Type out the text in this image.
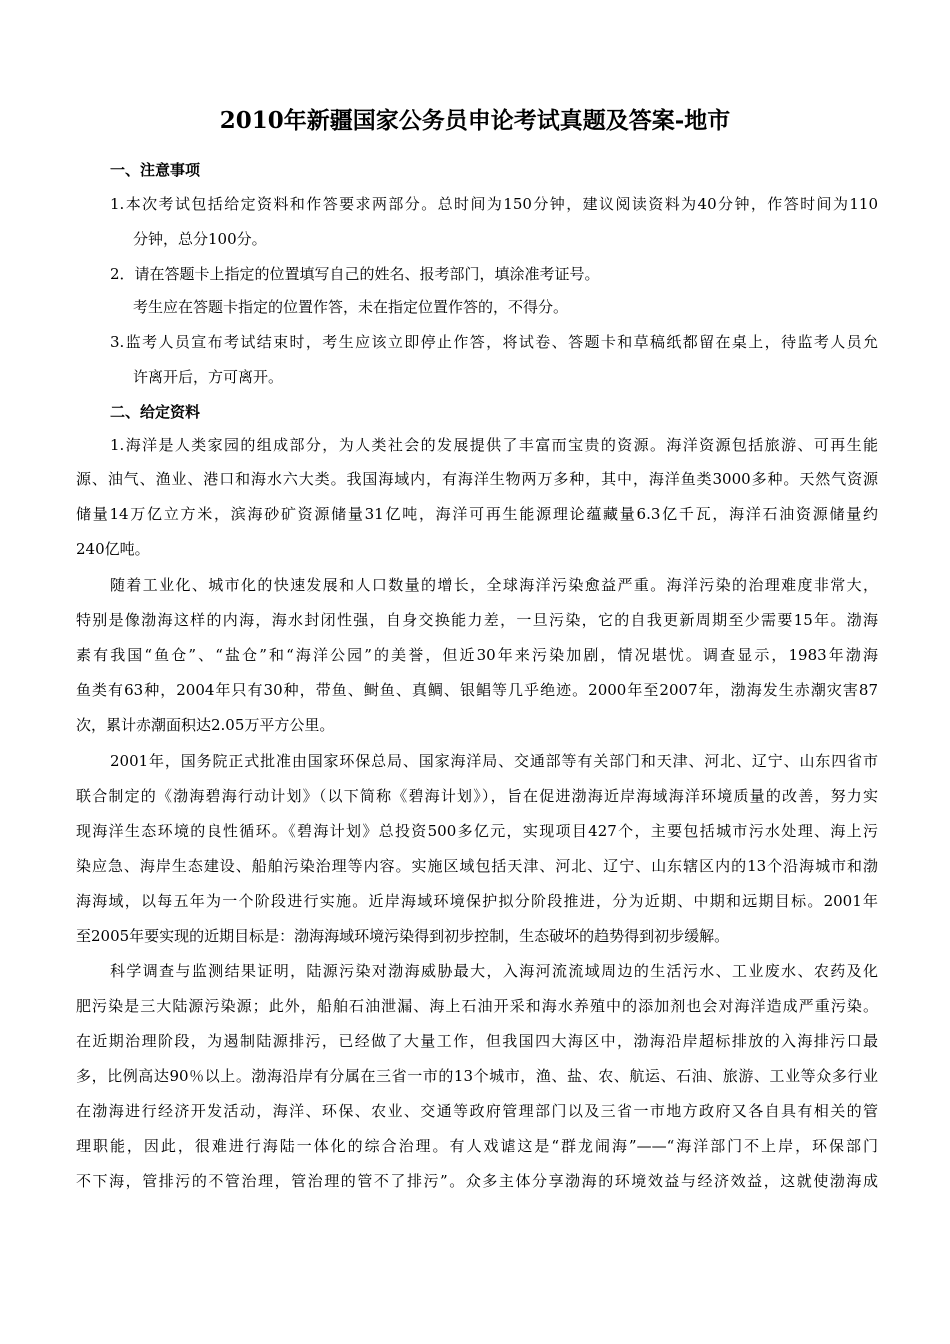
2010年新疆国家公务员申论考试真题及答案-地市
一、注意事项
1.本次考试包括给定资料和作答要求两部分。总时间为150分钟，建议阅读资料为40分钟，作答时间为110
分钟，总分100分。
2．请在答题卡上指定的位置填写自己的姓名、报考部门，填涂准考证号。
考生应在答题卡指定的位置作答，未在指定位置作答的，不得分。
3.监考人员宣布考试结束时，考生应该立即停止作答，将试卷、答题卡和草稿纸都留在桌上，待监考人员允
许离开后，方可离开。
二、给定资料
1.海洋是人类家园的组成部分，为人类社会的发展提供了丰富而宝贵的资源。海洋资源包括旅游、可再生能
源、油气、渔业、港口和海水六大类。我国海域内，有海洋生物两万多种，其中，海洋鱼类3000多种。天然气资源
储量14万亿立方米，滨海砂矿资源储量31亿吨，海洋可再生能源理论蕴藏量6.3亿千瓦，海洋石油资源储量约
240亿吨。
随着工业化、城市化的快速发展和人口数量的增长，全球海洋污染愈益严重。海洋污染的治理难度非常大，
特别是像渤海这样的内海，海水封闭性强，自身交换能力差，一旦污染，它的自我更新周期至少需要15年。渤海
素有我国“鱼仓”、“盐仓”和“海洋公园”的美誉，但近30年来污染加剧，情况堪忧。调查显示，1983年渤海
鱼类有63种，2004年只有30种，带鱼、鲥鱼、真鲷、银鲳等几乎绝迹。2000年至2007年，渤海发生赤潮灾害87
次，累计赤潮面积达2.05万平方公里。
2001年，国务院正式批准由国家环保总局、国家海洋局、交通部等有关部门和天津、河北、辽宁、山东四省市
联合制定的《渤海碧海行动计划》（以下简称《碧海计划》），旨在促进渤海近岸海域海洋环境质量的改善，努力实
现海洋生态环境的良性循环。《碧海计划》总投资500多亿元，实现项目427个，主要包括城市污水处理、海上污
染应急、海岸生态建设、船舶污染治理等内容。实施区域包括天津、河北、辽宁、山东辖区内的13个沿海城市和渤
海海域，以每五年为一个阶段进行实施。近岸海域环境保护拟分阶段推进，分为近期、中期和远期目标。2001年
至2005年要实现的近期目标是：渤海海域环境污染得到初步控制，生态破坏的趋势得到初步缓解。
科学调查与监测结果证明，陆源污染对渤海威胁最大，入海河流流域周边的生活污水、工业废水、农药及化
肥污染是三大陆源污染源；此外，船舶石油泄漏、海上石油开采和海水养殖中的添加剂也会对海洋造成严重污染。
在近期治理阶段，为遏制陆源排污，已经做了大量工作，但我国四大海区中，渤海沿岸超标排放的入海排污口最
多，比例高达90％以上。渤海沿岸有分属在三省一市的13个城市，渔、盐、农、航运、石油、旅游、工业等众多行业
在渤海进行经济开发活动，海洋、环保、农业、交通等政府管理部门以及三省一市地方政府又各自具有相关的管
理职能，因此，很难进行海陆一体化的综合治理。有人戏谑这是“群龙闹海”——“海洋部门不上岸，环保部门
不下海，管排污的不管治理，管治理的管不了排污”。众多主体分享渤海的环境效益与经济效益，这就使渤海成
